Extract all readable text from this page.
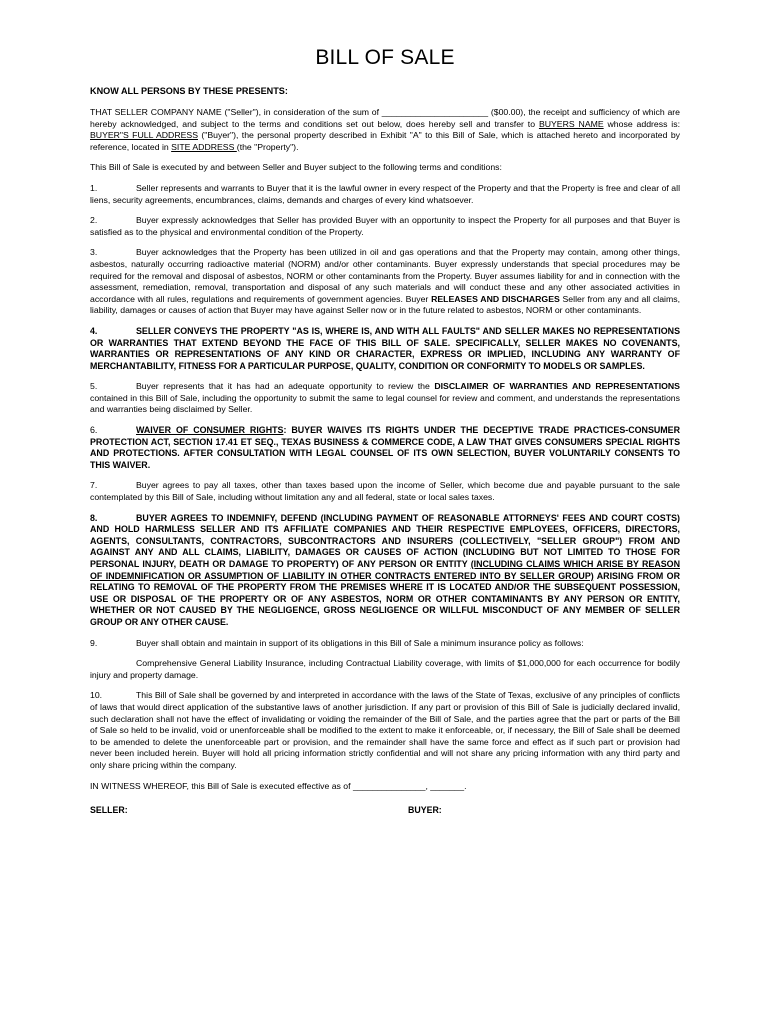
BILL OF SALE
KNOW ALL PERSONS BY THESE PRESENTS:

THAT SELLER COMPANY NAME ("Seller"), in consideration of the sum of ______________________ ($00.00), the receipt and sufficiency of which are hereby acknowledged, and subject to the terms and conditions set out below, does hereby sell and transfer to BUYERS NAME whose address is: BUYER"S FULL ADDRESS ("Buyer"), the personal property described in Exhibit "A" to this Bill of Sale, which is attached hereto and incorporated by reference, located in SITE ADDRESS (the "Property").

This Bill of Sale is executed by and between Seller and Buyer subject to the following terms and conditions:

1.	Seller represents and warrants to Buyer that it is the lawful owner in every respect of the Property and that the Property is free and clear of all liens, security agreements, encumbrances, claims, demands and charges of every kind whatsoever.

2.	Buyer expressly acknowledges that Seller has provided Buyer with an opportunity to inspect the Property for all purposes and that Buyer is satisfied as to the physical and environmental condition of the Property.

3.	Buyer acknowledges that the Property has been utilized in oil and gas operations and that the Property may contain, among other things, asbestos, naturally occurring radioactive material (NORM) and/or other contaminants. Buyer expressly understands that special procedures may be required for the removal and disposal of asbestos, NORM or other contaminants from the Property. Buyer assumes liability for and in connection with the assessment, remediation, removal, transportation and disposal of any such materials and will conduct these and any other associated activities in accordance with all rules, regulations and requirements of government agencies. Buyer RELEASES AND DISCHARGES Seller from any and all claims, liability, damages or causes of action that Buyer may have against Seller now or in the future related to asbestos, NORM or other contaminants.

4.	SELLER CONVEYS THE PROPERTY "AS IS, WHERE IS, AND WITH ALL FAULTS" AND SELLER MAKES NO REPRESENTATIONS OR WARRANTIES THAT EXTEND BEYOND THE FACE OF THIS BILL OF SALE. SPECIFICALLY, SELLER MAKES NO COVENANTS, WARRANTIES OR REPRESENTATIONS OF ANY KIND OR CHARACTER, EXPRESS OR IMPLIED, INCLUDING ANY WARRANTY OF MERCHANTABILITY, FITNESS FOR A PARTICULAR PURPOSE, QUALITY, CONDITION OR CONFORMITY TO MODELS OR SAMPLES.

5.	Buyer represents that it has had an adequate opportunity to review the DISCLAIMER OF WARRANTIES AND REPRESENTATIONS contained in this Bill of Sale, including the opportunity to submit the same to legal counsel for review and comment, and understands the representations and warranties being disclaimed by Seller.

6.	WAIVER OF CONSUMER RIGHTS: BUYER WAIVES ITS RIGHTS UNDER THE DECEPTIVE TRADE PRACTICES-CONSUMER PROTECTION ACT, SECTION 17.41 ET SEQ., TEXAS BUSINESS & COMMERCE CODE, A LAW THAT GIVES CONSUMERS SPECIAL RIGHTS AND PROTECTIONS. AFTER CONSULTATION WITH LEGAL COUNSEL OF ITS OWN SELECTION, BUYER VOLUNTARILY CONSENTS TO THIS WAIVER.

7.	Buyer agrees to pay all taxes, other than taxes based upon the income of Seller, which become due and payable pursuant to the sale contemplated by this Bill of Sale, including without limitation any and all federal, state or local sales taxes.

8.	BUYER AGREES TO INDEMNIFY, DEFEND (INCLUDING PAYMENT OF REASONABLE ATTORNEYS' FEES AND COURT COSTS) AND HOLD HARMLESS SELLER AND ITS AFFILIATE COMPANIES AND THEIR RESPECTIVE EMPLOYEES, OFFICERS, DIRECTORS, AGENTS, CONSULTANTS, CONTRACTORS, SUBCONTRACTORS AND INSURERS (COLLECTIVELY, "SELLER GROUP") FROM AND AGAINST ANY AND ALL CLAIMS, LIABILITY, DAMAGES OR CAUSES OF ACTION (INCLUDING BUT NOT LIMITED TO THOSE FOR PERSONAL INJURY, DEATH OR DAMAGE TO PROPERTY) OF ANY PERSON OR ENTITY (INCLUDING CLAIMS WHICH ARISE BY REASON OF INDEMNIFICATION OR ASSUMPTION OF LIABILITY IN OTHER CONTRACTS ENTERED INTO BY SELLER GROUP) ARISING FROM OR RELATING TO REMOVAL OF THE PROPERTY FROM THE PREMISES WHERE IT IS LOCATED AND/OR THE SUBSEQUENT POSSESSION, USE OR DISPOSAL OF THE PROPERTY OR OF ANY ASBESTOS, NORM OR OTHER CONTAMINANTS BY ANY PERSON OR ENTITY, WHETHER OR NOT CAUSED BY THE NEGLIGENCE, GROSS NEGLIGENCE OR WILLFUL MISCONDUCT OF ANY MEMBER OF SELLER GROUP OR ANY OTHER CAUSE.

9.	Buyer shall obtain and maintain in support of its obligations in this Bill of Sale a minimum insurance policy as follows:

Comprehensive General Liability Insurance, including Contractual Liability coverage, with limits of $1,000,000 for each occurrence for bodily injury and property damage.

10.	This Bill of Sale shall be governed by and interpreted in accordance with the laws of the State of Texas, exclusive of any principles of conflicts of laws that would direct application of the substantive laws of another jurisdiction. If any part or provision of this Bill of Sale is judicially declared invalid, such declaration shall not have the effect of invalidating or voiding the remainder of the Bill of Sale, and the parties agree that the part or parts of the Bill of Sale so held to be invalid, void or unenforceable shall be modified to the extent to make it enforceable, or, if necessary, the Bill of Sale shall be deemed to be amended to delete the unenforceable part or provision, and the remainder shall have the same force and effect as if such part or provision had never been included herein. Buyer will hold all pricing information strictly confidential and will not share any pricing information with any third party and only share pricing within the company.

IN WITNESS WHEREOF, this Bill of Sale is executed effective as of _______________, _______.

SELLER:	BUYER:
